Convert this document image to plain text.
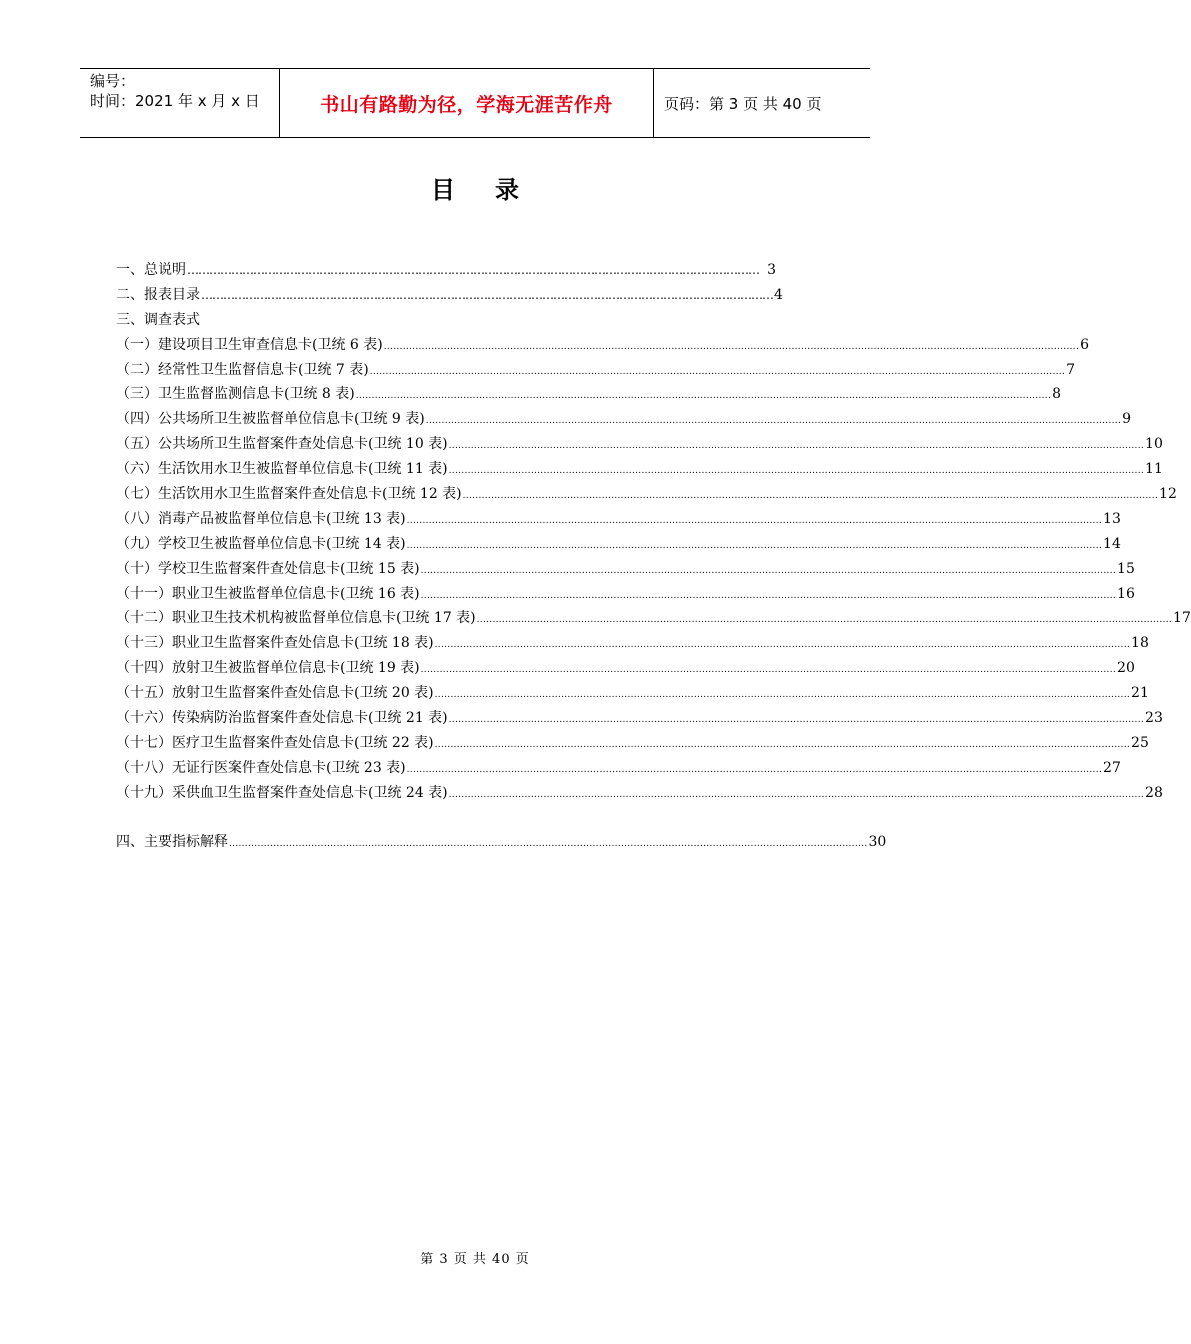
编号：
时间：2021 年 x 月 x 日	书山有路勤为径，学海无涯苦作舟	页码：第 3 页 共 40 页
目录
一、总说明 ………………………………………………………………………………………………………………………………………… 3
二、报表目录 ………………………………………………………………………………………………………………………………………… 4
三、调查表式
（一）建设项目卫生审查信息卡(卫统 6 表) ............................................................................................................................................................................................................................ 6
（二）经常性卫生监督信息卡(卫统 7 表) ............................................................................................................................................................................................................................ 7
（三）卫生监督监测信息卡(卫统 8 表) ............................................................................................................................................................................................................................ 8
（四）公共场所卫生被监督单位信息卡(卫统 9 表) ............................................................................................................................................................................................................................ 9
（五）公共场所卫生监督案件查处信息卡(卫统 10 表) ............................................................................................................................................................................................................................ 10
（六）生活饮用水卫生被监督单位信息卡(卫统 11 表) ............................................................................................................................................................................................................................ 11
（七）生活饮用水卫生监督案件查处信息卡(卫统 12 表) ............................................................................................................................................................................................................................ 12
（八）消毒产品被监督单位信息卡(卫统 13 表) ............................................................................................................................................................................................................................ 13
（九）学校卫生被监督单位信息卡(卫统 14 表) ............................................................................................................................................................................................................................ 14
（十）学校卫生监督案件查处信息卡(卫统 15 表) ............................................................................................................................................................................................................................ 15
（十一）职业卫生被监督单位信息卡(卫统 16 表) ............................................................................................................................................................................................................................ 16
（十二）职业卫生技术机构被监督单位信息卡(卫统 17 表) ............................................................................................................................................................................................................................ 17
（十三）职业卫生监督案件查处信息卡(卫统 18 表) ............................................................................................................................................................................................................................ 18
（十四）放射卫生被监督单位信息卡(卫统 19 表) ............................................................................................................................................................................................................................ 20
（十五）放射卫生监督案件查处信息卡(卫统 20 表) ............................................................................................................................................................................................................................ 21
（十六）传染病防治监督案件查处信息卡(卫统 21 表) ............................................................................................................................................................................................................................ 23
（十七）医疗卫生监督案件查处信息卡(卫统 22 表) ............................................................................................................................................................................................................................ 25
（十八）无证行医案件查处信息卡(卫统 23 表) ............................................................................................................................................................................................................................ 27
（十九）采供血卫生监督案件查处信息卡(卫统 24 表) ............................................................................................................................................................................................................................ 28
四、主要指标解释 .......................................................................................................................................................................................................... 30
第 3 页 共 40 页
